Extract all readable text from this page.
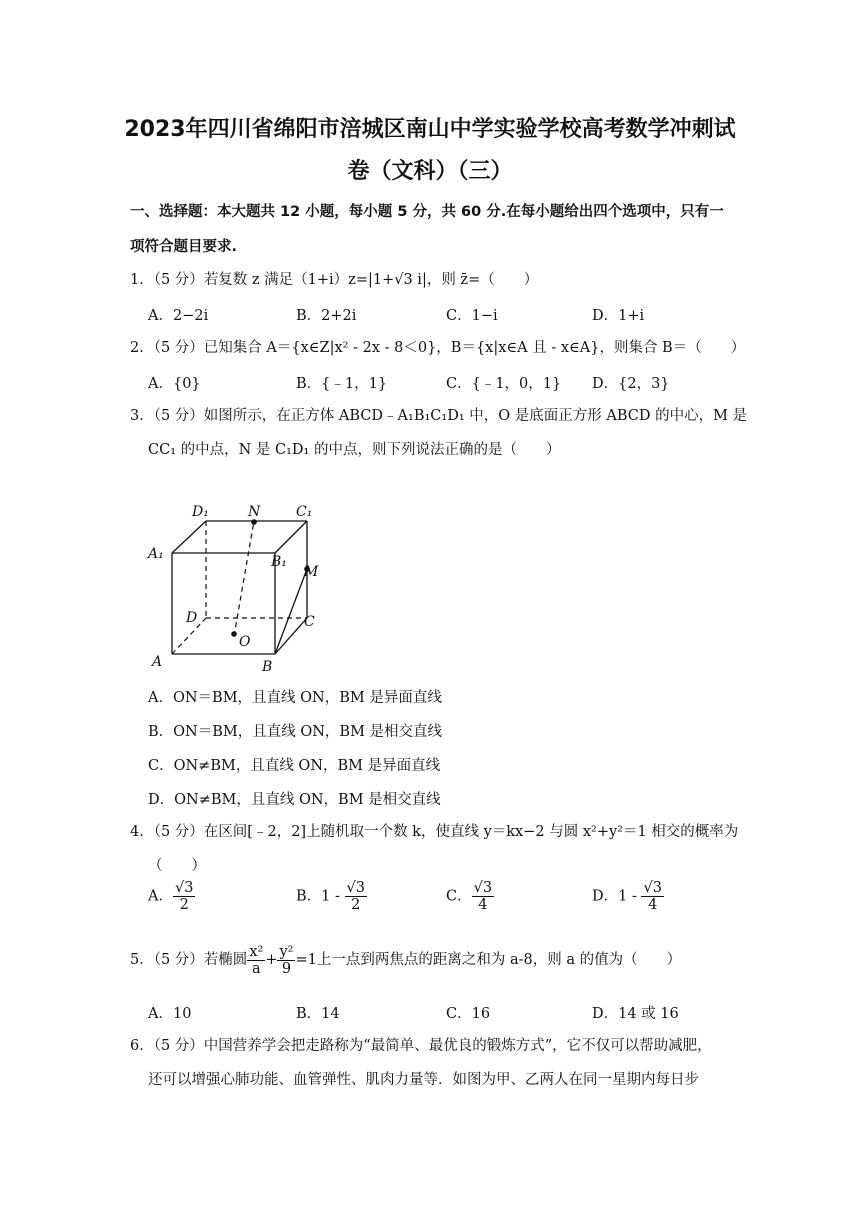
2023年四川省绵阳市涪城区南山中学实验学校高考数学冲刺试
卷（文科）（三）
一、选择题：本大题共 12 小题，每小题 5 分，共 60 分.在每小题给出四个选项中，只有一
项符合题目要求.
1．（5 分）若复数 z 满足（1+i）z=|1+√3 i|，则 z̄=（　　）
A．2−2i	B．2+2i	C．1−i	D．1+i
2．（5 分）已知集合 A＝{x∈Z|x² - 2x - 8＜0}，B＝{x|x∈A 且 - x∈A}，则集合 B＝（　　）
A．{0}	B．{﹣1，1}	C．{﹣1，0，1} D．{2，3}
3．（5 分）如图所示，在正方体 ABCD﹣A₁B₁C₁D₁ 中，O 是底面正方形 ABCD 的中心，M 是
CC₁ 的中点，N 是 C₁D₁ 的中点，则下列说法正确的是（　　）
D₁	N	C₁
A₁	B₁
M
D	C
O
A	B
A．ON＝BM，且直线 ON，BM 是异面直线
B．ON＝BM，且直线 ON，BM 是相交直线
C．ON≠BM，且直线 ON，BM 是异面直线
D．ON≠BM，且直线 ON，BM 是相交直线
4．（5 分）在区间[﹣2，2]上随机取一个数 k，使直线 y＝kx−2 与圆 x²+y²＝1 相交的概率为
（　　）
A． $\frac{√3}{2}$	B．$1 - \frac{√3}{2}$	C． $\frac{√3}{4}$	D．$1 - \frac{√3}{4}$
5．（5 分）若椭圆 $\frac{\text{x²}}{a} + \frac{\text{y²}}{9} =1$上一点到两焦点的距离之和为 a-8，则 a 的值为（　　）
A．10	B．14	C．16	D．14 或 16
6．（5 分）中国营养学会把走路称为“最简单、最优良的锻炼方式”，它不仅可以帮助减肥，
还可以增强心肺功能、血管弹性、肌肉力量等．如图为甲、乙两人在同一星期内每日步
